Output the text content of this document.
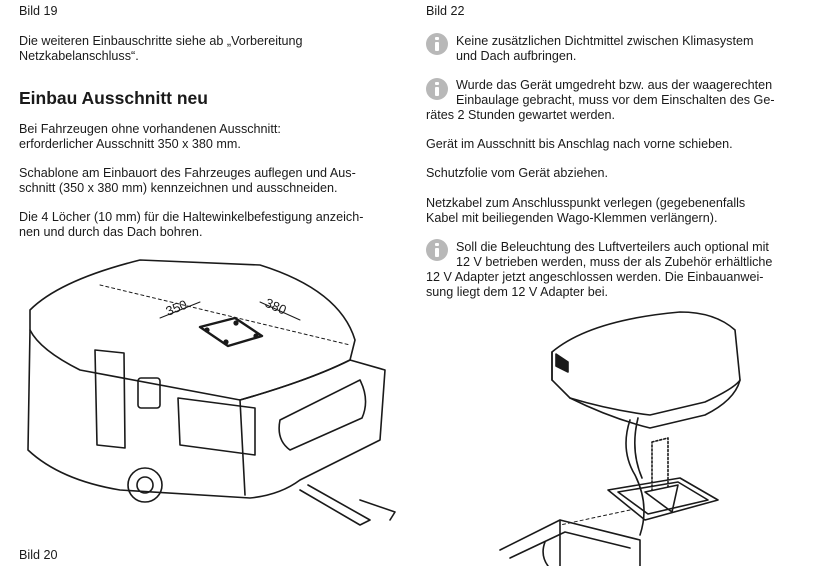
Bild 19

Die weiteren Einbauschritte siehe ab „Vorbereitung

Netzkabelanschluss“.

Einbau Ausschnitt neu

Bei Fahrzeugen ohne vorhandenen Ausschnitt:

erforderlicher Ausschnitt 350 x 380 mm.

Schablone am Einbauort des Fahrzeuges auflegen und Aus-

schnitt (350 x 380 mm) kennzeichnen und ausschneiden.

Die 4 Löcher (10 mm) für die Haltewinkelbefestigung anzeich-

nen und durch das Dach bohren.

Bild 20

350	380

Bild 22

Keine zusätzlichen Dichtmittel zwischen Klimasystem

und Dach aufbringen.

Wurde das Gerät umgedreht bzw. aus der waagerechten

Einbaulage gebracht, muss vor dem Einschalten des Ge-

rätes 2 Stunden gewartet werden.

Gerät im Ausschnitt bis Anschlag nach vorne schieben.

Schutzfolie vom Gerät abziehen.

Netzkabel zum Anschlusspunkt verlegen (gegebenenfalls

Kabel mit beiliegenden Wago-Klemmen verlängern).

Soll die Beleuchtung des Luftverteilers auch optional mit

12 V betrieben werden, muss der als Zubehör erhältliche

12 V Adapter jetzt angeschlossen werden. Die Einbauanwei-

sung liegt dem 12 V Adapter bei.
